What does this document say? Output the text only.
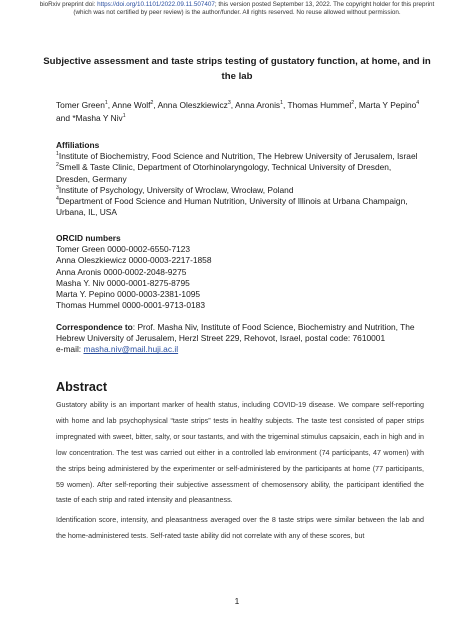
bioRxiv preprint doi: https://doi.org/10.1101/2022.09.11.507407; this version posted September 13, 2022. The copyright holder for this preprint
(which was not certified by peer review) is the author/funder. All rights reserved. No reuse allowed without permission.
Subjective assessment and taste strips testing of gustatory function, at home, and in the lab
Tomer Green$^1$, Anne Wolf$^2$, Anna Oleszkiewicz$^3$, Anna Aronis$^1$, Thomas Hummel$^2$, Marta Y Pepino$^4$ and *Masha Y Niv$^1$
Affiliations
$^1$Institute of Biochemistry, Food Science and Nutrition, The Hebrew University of Jerusalem, Israel
$^2$Smell & Taste Clinic, Department of Otorhinolaryngology, Technical University of Dresden, Dresden, Germany
$^3$Institute of Psychology, University of Wroclaw, Wrocław, Poland
$^4$Department of Food Science and Human Nutrition, University of Illinois at Urbana Champaign, Urbana, IL, USA
ORCID numbers
Tomer Green 0000-0002-6550-7123
Anna Oleszkiewicz 0000-0003-2217-1858
Anna Aronis 0000-0002-2048-9275
Masha Y. Niv 0000-0001-8275-8795
Marta Y. Pepino 0000-0003-2381-1095
Thomas Hummel 0000-0001-9713-0183
Correspondence to: Prof. Masha Niv, Institute of Food Science, Biochemistry and Nutrition, The Hebrew University of Jerusalem, Herzl Street 229, Rehovot, Israel, postal code: 7610001
e-mail: masha.niv@mail.huji.ac.il
Abstract

Gustatory ability is an important marker of health status, including COVID-19 disease. We compare self-reporting with home and lab psychophysical “taste strips” tests in healthy subjects. The taste test consisted of paper strips impregnated with sweet, bitter, salty, or sour tastants, and with the trigeminal stimulus capsaicin, each in high and in low concentration. The test was carried out either in a controlled lab environment (74 participants, 47 women) with the strips being administered by the experimenter or self-administered by the participants at home (77 participants, 59 women). After self-reporting their subjective assessment of chemosensory ability, the participant identified the taste of each strip and rated intensity and pleasantness.

Identification score, intensity, and pleasantness averaged over the 8 taste strips were similar between the lab and the home-administered tests. Self-rated taste ability did not correlate with any of these scores, but

1
